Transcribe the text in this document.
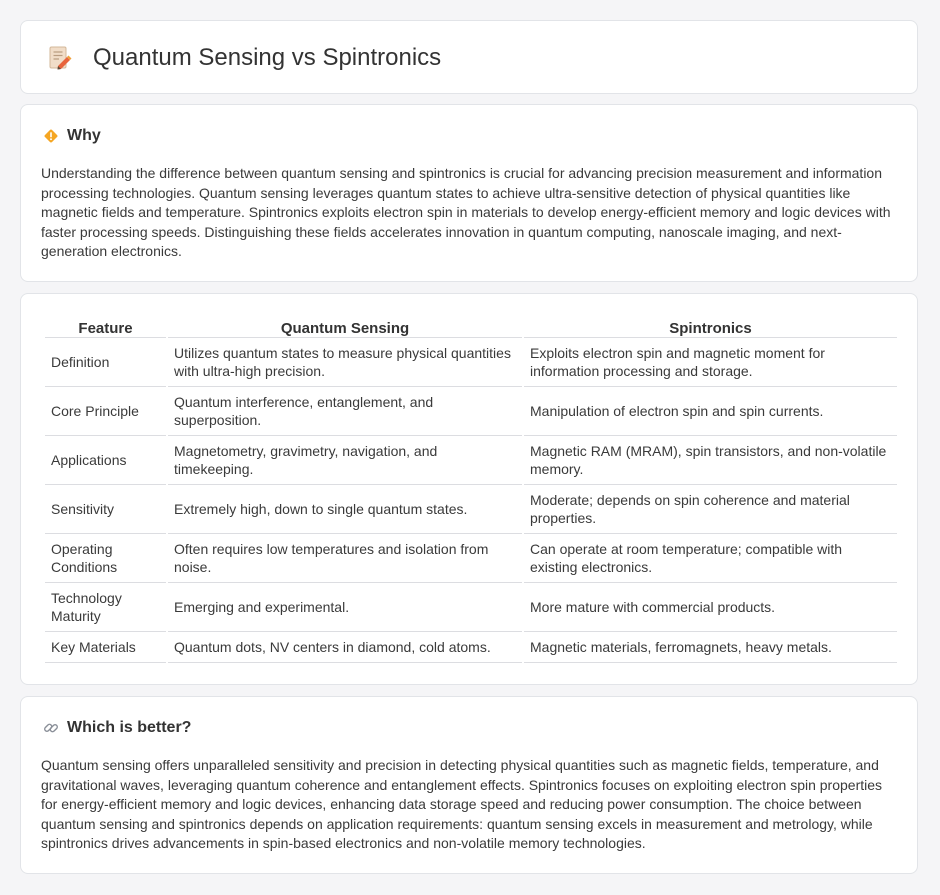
Quantum Sensing vs Spintronics
Why

Understanding the difference between quantum sensing and spintronics is crucial for advancing precision measurement and information processing technologies. Quantum sensing leverages quantum states to achieve ultra-sensitive detection of physical quantities like magnetic fields and temperature. Spintronics exploits electron spin in materials to develop energy-efficient memory and logic devices with faster processing speeds. Distinguishing these fields accelerates innovation in quantum computing, nanoscale imaging, and next-generation electronics.

Feature	Quantum Sensing	Spintronics
Definition	Utilizes quantum states to measure physical quantities with ultra-high precision.	Exploits electron spin and magnetic moment for information processing and storage.
Core Principle	Quantum interference, entanglement, and superposition.	Manipulation of electron spin and spin currents.
Applications	Magnetometry, gravimetry, navigation, and timekeeping.	Magnetic RAM (MRAM), spin transistors, and non-volatile memory.
Sensitivity	Extremely high, down to single quantum states.	Moderate; depends on spin coherence and material properties.
Operating Conditions	Often requires low temperatures and isolation from noise.	Can operate at room temperature; compatible with existing electronics.
Technology Maturity	Emerging and experimental.	More mature with commercial products.
Key Materials	Quantum dots, NV centers in diamond, cold atoms.	Magnetic materials, ferromagnets, heavy metals.
Which is better?

Quantum sensing offers unparalleled sensitivity and precision in detecting physical quantities such as magnetic fields, temperature, and gravitational waves, leveraging quantum coherence and entanglement effects. Spintronics focuses on exploiting electron spin properties for energy-efficient memory and logic devices, enhancing data storage speed and reducing power consumption. The choice between quantum sensing and spintronics depends on application requirements: quantum sensing excels in measurement and metrology, while spintronics drives advancements in spin-based electronics and non-volatile memory technologies.
